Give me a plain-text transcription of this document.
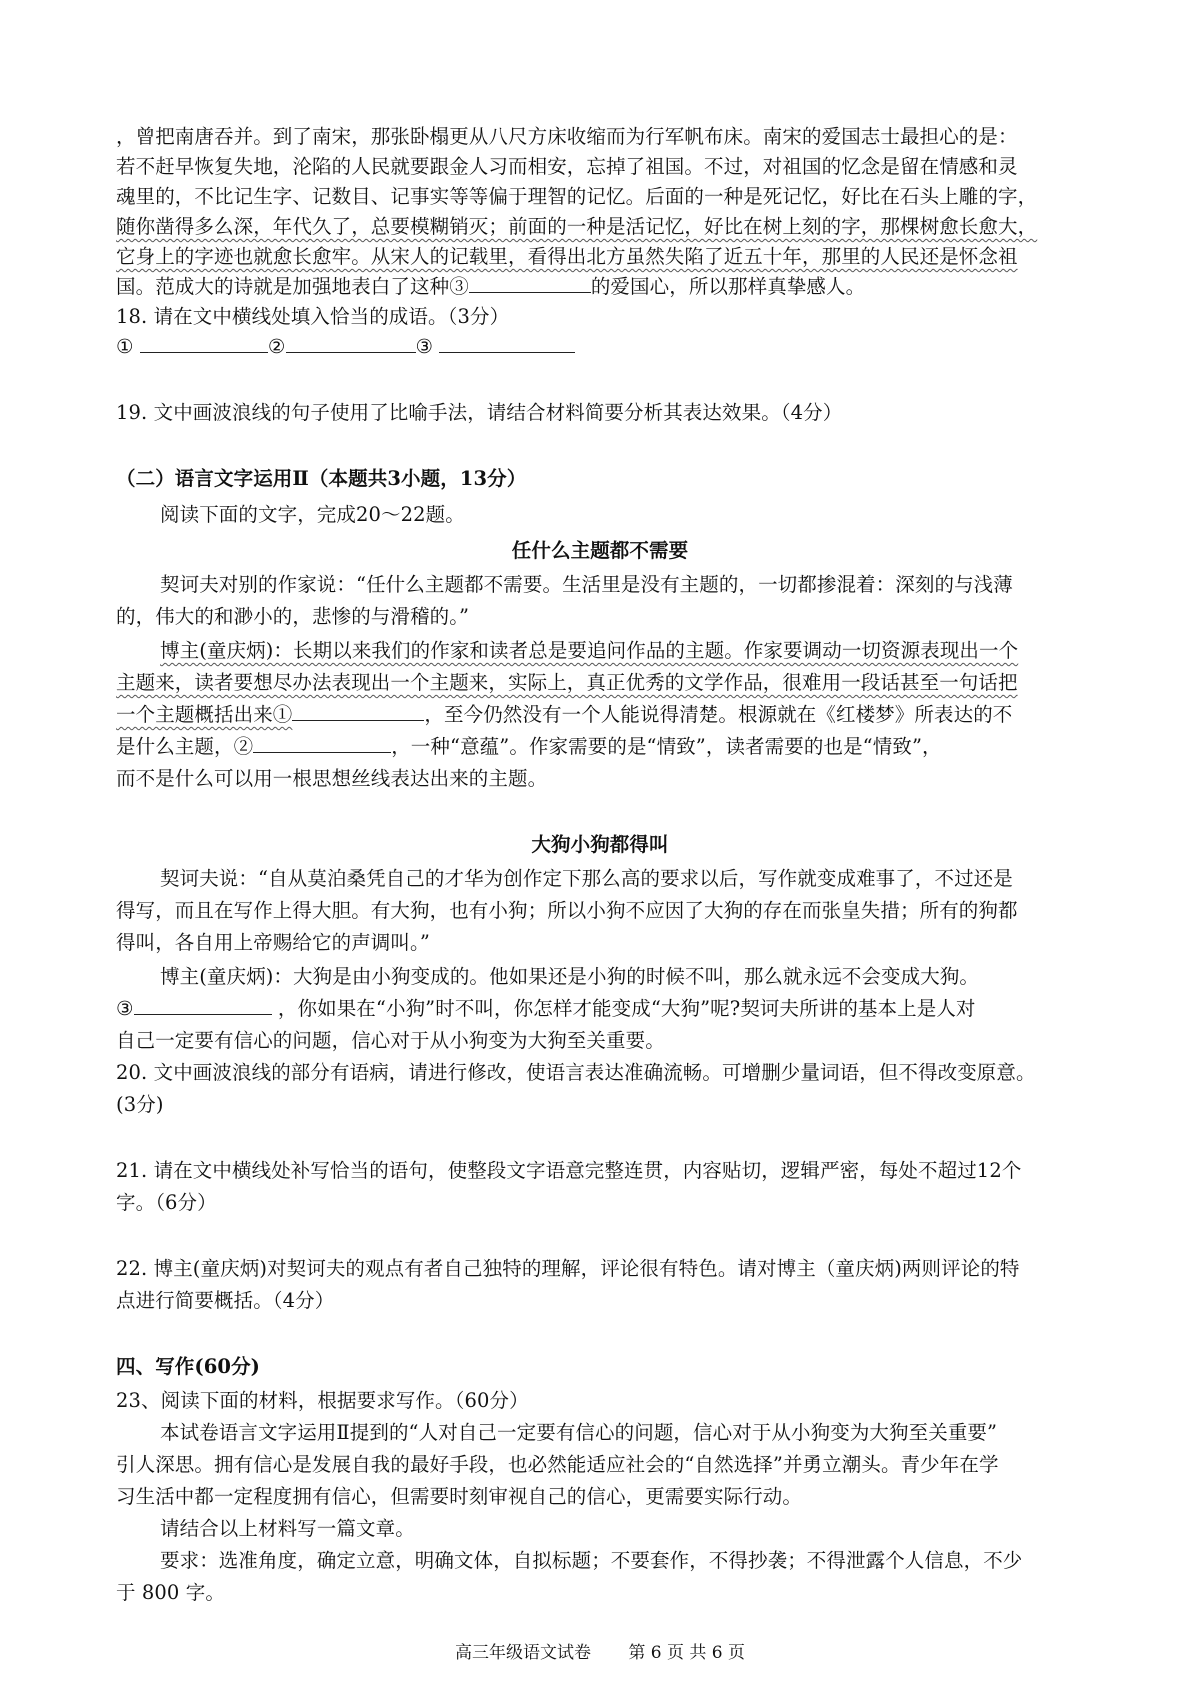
，曾把南唐吞并。到了南宋，那张卧榻更从八尺方床收缩而为行军帆布床。南宋的爱国志士最担心的是：
若不赶早恢复失地，沦陷的人民就要跟金人习而相安，忘掉了祖国。不过，对祖国的忆念是留在情感和灵
魂里的，不比记生字、记数目、记事实等等偏于理智的记忆。后面的一种是死记忆，好比在石头上雕的字，
随你凿得多么深，年代久了，总要模糊销灭；前面的一种是活记忆，好比在树上刻的字，那棵树愈长愈大，
它身上的字迹也就愈长愈牢。从宋人的记载里，看得出北方虽然失陷了近五十年，那里的人民还是怀念祖
国。范成大的诗就是加强地表白了这种③	的爱国心，所以那样真挚感人。
18. 请在文中横线处填入恰当的成语。（3分）
①	②	③
19. 文中画波浪线的句子使用了比喻手法，请结合材料简要分析其表达效果。（4分）
（二）语言文字运用Ⅱ（本题共3小题，13分）
阅读下面的文字，完成20～22题。
任什么主题都不需要
契诃夫对别的作家说：“任什么主题都不需要。生活里是没有主题的，一切都掺混着：深刻的与浅薄
的，伟大的和渺小的，悲惨的与滑稽的。”
博主(童庆炳)：长期以来我们的作家和读者总是要追问作品的主题。作家要调动一切资源表现出一个
主题来，读者要想尽办法表现出一个主题来，实际上，真正优秀的文学作品，很难用一段话甚至一句话把
一个主题概括出来①	，至今仍然没有一个人能说得清楚。根源就在《红楼梦》所表达的不
是什么主题，②	，一种“意蕴”。作家需要的是“情致”，读者需要的也是“情致”，
而不是什么可以用一根思想丝线表达出来的主题。
大狗小狗都得叫
契诃夫说：“自从莫泊桑凭自己的才华为创作定下那么高的要求以后，写作就变成难事了，不过还是
得写，而且在写作上得大胆。有大狗，也有小狗；所以小狗不应因了大狗的存在而张皇失措；所有的狗都
得叫，各自用上帝赐给它的声调叫。”
博主(童庆炳)：大狗是由小狗变成的。他如果还是小狗的时候不叫，那么就永远不会变成大狗。
③	，你如果在“小狗”时不叫，你怎样才能变成“大狗”呢?契诃夫所讲的基本上是人对
自己一定要有信心的问题，信心对于从小狗变为大狗至关重要。
20. 文中画波浪线的部分有语病，请进行修改，使语言表达准确流畅。可增删少量词语，但不得改变原意。
(3分)
21. 请在文中横线处补写恰当的语句，使整段文字语意完整连贯，内容贴切，逻辑严密，每处不超过12个
字。（6分）
22. 博主(童庆炳)对契诃夫的观点有者自己独特的理解，评论很有特色。请对博主（童庆炳)两则评论的特
点进行简要概括。（4分）
四、写作(60分)
23、阅读下面的材料，根据要求写作。（60分）
本试卷语言文字运用Ⅱ提到的“人对自己一定要有信心的问题，信心对于从小狗变为大狗至关重要”
引人深思。拥有信心是发展自我的最好手段，也必然能适应社会的“自然选择”并勇立潮头。青少年在学
习生活中都一定程度拥有信心，但需要时刻审视自己的信心，更需要实际行动。
请结合以上材料写一篇文章。
要求：选准角度，确定立意，明确文体，自拟标题；不要套作，不得抄袭；不得泄露个人信息，不少
于 800 字。
高三年级语文试卷 第 6 页 共 6 页
